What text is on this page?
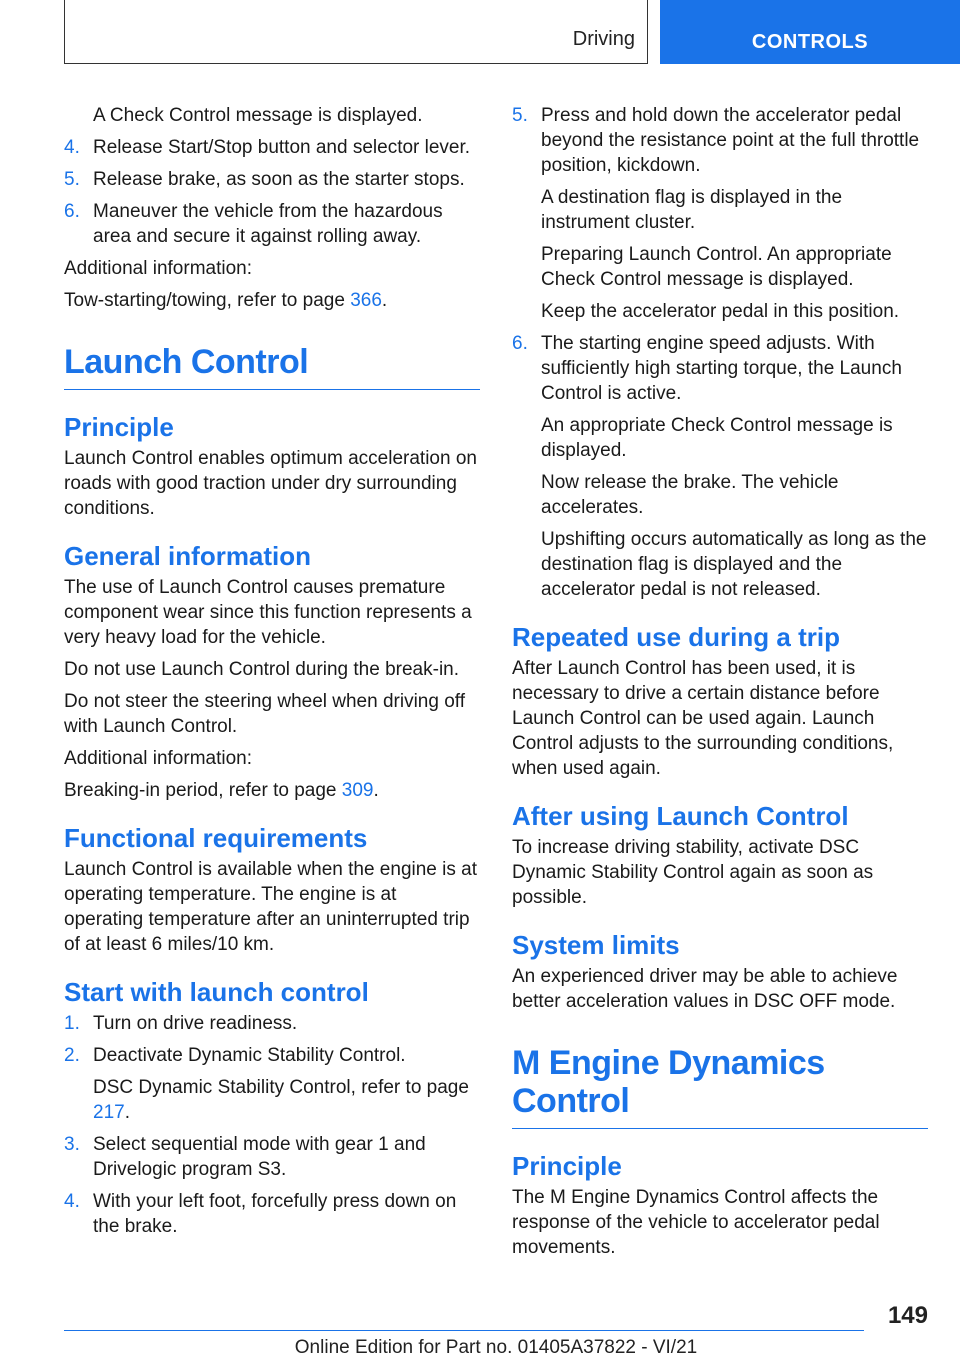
Driving	CONTROLS

A Check Control message is displayed.

4. Release Start/Stop button and selector lever.
5. Release brake, as soon as the starter stops.
6. Maneuver the vehicle from the hazardous area and secure it against rolling away.

Additional information:

Tow-starting/towing, refer to page 366.

Launch Control
Principle

Launch Control enables optimum acceleration on roads with good traction under dry surrounding conditions.

General information

The use of Launch Control causes premature component wear since this function represents a very heavy load for the vehicle.

Do not use Launch Control during the break-in.

Do not steer the steering wheel when driving off with Launch Control.

Additional information:

Breaking-in period, refer to page 309.

Functional requirements

Launch Control is available when the engine is at operating temperature. The engine is at operating temperature after an uninterrupted trip of at least 6 miles/10 km.

Start with launch control
1. Turn on drive readiness.
2. Deactivate Dynamic Stability Control.

DSC Dynamic Stability Control, refer to page 217.

3. Select sequential mode with gear 1 and Drivelogic program S3.
4. With your left foot, forcefully press down on the brake.
5. Press and hold down the accelerator pedal beyond the resistance point at the full throttle position, kickdown.

A destination flag is displayed in the instrument cluster.

Preparing Launch Control. An appropriate Check Control message is displayed.

Keep the accelerator pedal in this position.

6. The starting engine speed adjusts. With sufficiently high starting torque, the Launch Control is active.

An appropriate Check Control message is displayed.

Now release the brake. The vehicle accelerates.

Upshifting occurs automatically as long as the destination flag is displayed and the accelerator pedal is not released.

Repeated use during a trip

After Launch Control has been used, it is necessary to drive a certain distance before Launch Control can be used again. Launch Control adjusts to the surrounding conditions, when used again.

After using Launch Control

To increase driving stability, activate DSC Dynamic Stability Control again as soon as possible.

System limits

An experienced driver may be able to achieve better acceleration values in DSC OFF mode.

M Engine Dynamics Control
Principle

The M Engine Dynamics Control affects the response of the vehicle to accelerator pedal movements.

149
Online Edition for Part no. 01405A37822 - VI/21
